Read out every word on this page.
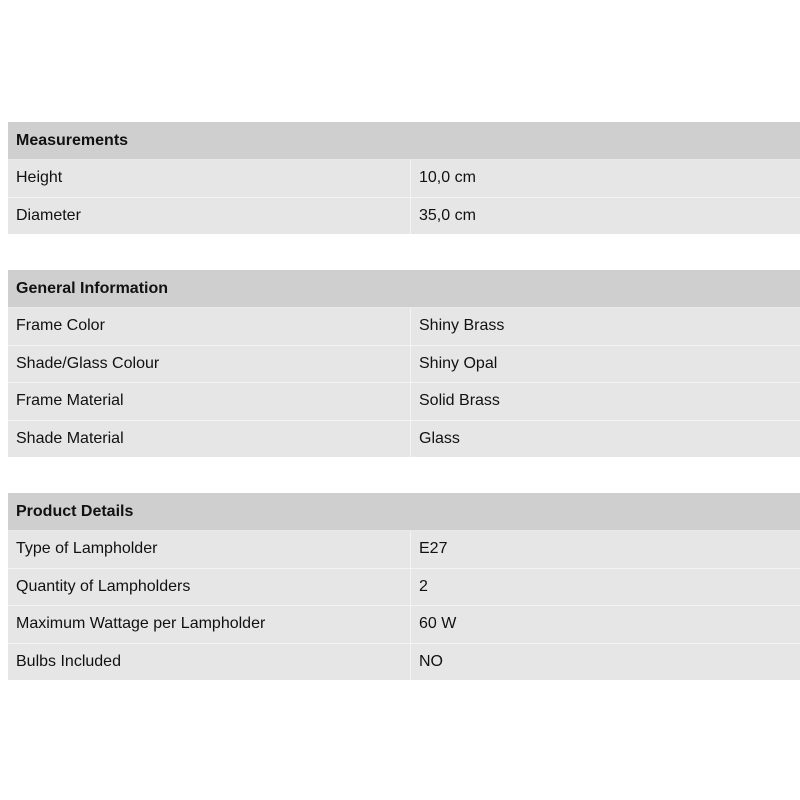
Measurements
Height	10,0 cm
Diameter	35,0 cm
General Information
Frame Color	Shiny Brass
Shade/Glass Colour	Shiny Opal
Frame Material	Solid Brass
Shade Material	Glass
Product Details
Type of Lampholder	E27
Quantity of Lampholders	2
Maximum Wattage per Lampholder	60 W
Bulbs Included	NO
